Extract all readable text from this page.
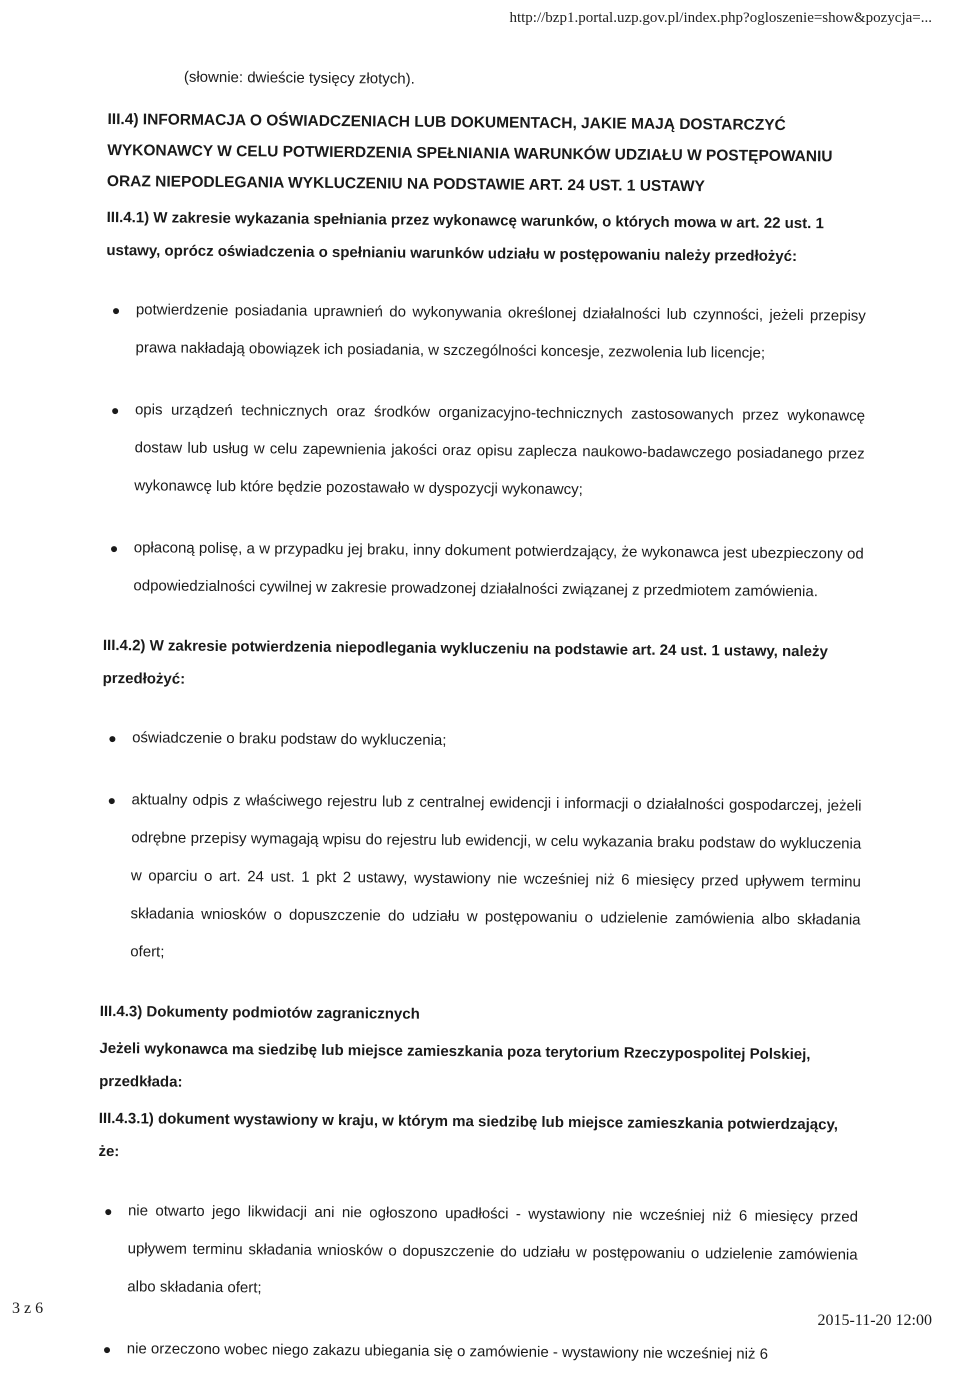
http://bzp1.portal.uzp.gov.pl/index.php?ogloszenie=show&pozycja=...

(słownie: dwieście tysięcy złotych).

III.4) INFORMACJA O OŚWIADCZENIACH LUB DOKUMENTACH, JAKIE MAJĄ DOSTARCZYĆ WYKONAWCY W CELU POTWIERDZENIA SPEŁNIANIA WARUNKÓW UDZIAŁU W POSTĘPOWANIU ORAZ NIEPODLEGANIA WYKLUCZENIU NA PODSTAWIE ART. 24 UST. 1 USTAWY

III.4.1) W zakresie wykazania spełniania przez wykonawcę warunków, o których mowa w art. 22 ust. 1 ustawy, oprócz oświadczenia o spełnianiu warunków udziału w postępowaniu należy przedłożyć:

● potwierdzenie posiadania uprawnień do wykonywania określonej działalności lub czynności, jeżeli przepisy prawa nakładają obowiązek ich posiadania, w szczególności koncesje, zezwolenia lub licencje;
● opis urządzeń technicznych oraz środków organizacyjno-technicznych zastosowanych przez wykonawcę dostaw lub usług w celu zapewnienia jakości oraz opisu zaplecza naukowo-badawczego posiadanego przez wykonawcę lub które będzie pozostawało w dyspozycji wykonawcy;
● opłaconą polisę, a w przypadku jej braku, inny dokument potwierdzający, że wykonawca jest ubezpieczony od odpowiedzialności cywilnej w zakresie prowadzonej działalności związanej z przedmiotem zamówienia.

III.4.2) W zakresie potwierdzenia niepodlegania wykluczeniu na podstawie art. 24 ust. 1 ustawy, należy przedłożyć:

● oświadczenie o braku podstaw do wykluczenia;
● aktualny odpis z właściwego rejestru lub z centralnej ewidencji i informacji o działalności gospodarczej, jeżeli odrębne przepisy wymagają wpisu do rejestru lub ewidencji, w celu wykazania braku podstaw do wykluczenia w oparciu o art. 24 ust. 1 pkt 2 ustawy, wystawiony nie wcześniej niż 6 miesięcy przed upływem terminu składania wniosków o dopuszczenie do udziału w postępowaniu o udzielenie zamówienia albo składania ofert;

III.4.3) Dokumenty podmiotów zagranicznych

Jeżeli wykonawca ma siedzibę lub miejsce zamieszkania poza terytorium Rzeczypospolitej Polskiej, przedkłada:

III.4.3.1) dokument wystawiony w kraju, w którym ma siedzibę lub miejsce zamieszkania potwierdzający, że:

● nie otwarto jego likwidacji ani nie ogłoszono upadłości - wystawiony nie wcześniej niż 6 miesięcy przed upływem terminu składania wniosków o dopuszczenie do udziału w postępowaniu o udzielenie zamówienia albo składania ofert;
● nie orzeczono wobec niego zakazu ubiegania się o zamówienie - wystawiony nie wcześniej niż 6
3 z 6
2015-11-20 12:00
